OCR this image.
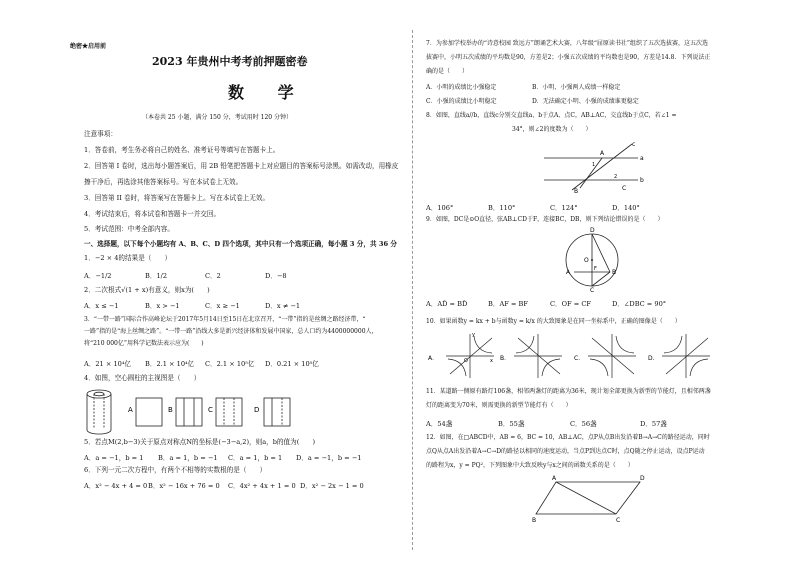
绝密★启用前
2023 年贵州中考考前押题密卷
数 学
（本卷共 25 小题，满分 150 分，考试用时 120 分钟）
注意事项：
1．答卷前，考生务必将自己的姓名、准考证号等填写在答题卡上。
2．回答第 I 卷时，选出每小题答案后，用 2B 铅笔把答题卡上对应题目的答案标号涂黑。如需改动，用橡皮
擦干净后，再选涂其他答案标号。写在本试卷上无效。
3．回答第 II 卷时，将答案写在答题卡上。写在本试卷上无效。
4．考试结束后，将本试卷和答题卡一并交回。
5．考试范围：中考全部内容。
一、选择题，以下每个小题均有 A、B、C、D 四个选项，其中只有一个选项正确，每小题 3 分，共 36 分
1．−2 × 4的结果是（　　）
A．−1/2	B．1/2	C．2	D．−8
2．二次根式√(1 + x)有意义，则x为(　　)
A．x ≤ −1	B．x > −1	C．x ≥ −1	D．x ≠ −1
3．“一带一路”国际合作高峰论坛于2017年5月14日至15日在北京召开，“一带”指的是丝绸之路经济带，“
一路”指的是“海上丝绸之路”。“一带一路”沿线大多是新兴经济体和发展中国家，总人口约为4400000000人，
将“210 000亿”用科学记数法表示应为(　　)
A．21 × 10⁴亿 B．2.1 × 10⁴亿 C．2.1 × 10⁵亿 D．0.21 × 10⁵亿
4．如图，空心圆柱的主视图是（　　）
A	B	C	D
5．若点M(2,b−3)关于原点对称点N的坐标是(−3−a,2)，则a，b的值为(　　)
A．a = −1，b = 1 B．a = 1，b = −1 C．a = 1，b = 1 D．a = −1，b = −1
6．下列一元二次方程中，有两个不相等的实数根的是（　　）
A．x² − 4x + 4 = 0 B．x² − 16x + 76 = 0 C．4x² + 4x + 1 = 0 D．x² − 2x − 1 = 0
7．为参加学校举办的“诗意校园 致远方”朗诵艺术大赛，八年级“屈原读书社”组织了五次选拔赛，这五次选
拔赛中，小明五次成绩的平均数是90，方差是2；小强五次成绩的平均数也是90，方差是14.8．下列说法正
确的是（　　）
A．小明的成绩比小强稳定	B．小明、小强两人成绩一样稳定
C．小强的成绩比小明稳定	D．无法确定小明、小强的成绩谁更稳定
8．如图，直线a//b，直线c分别交直线a、b于点A、点C，AB⊥AC，交直线b于点C，若∠1 =
34°，则∠2的度数为（　　）
a
b
c
A
B	C
1
2
A．106°	B．110°	C．124°	D．140°
9．如图，DC是⊙O直径，弦AB⊥CD于F，连接BC，DB，则下列结论错误的是（　　）
D
A
O
F	B
C
A．AD̂ = BD̂	B．AF = BF	C．OF = CF	D．∠DBC = 90°
10．如果函数y = kx + b与函数y = k/x 的大致图象是在同一坐标系中，正确的图像是（　　）
A．	B．	C．	D．
y
x
O
11．某道路一侧原有路灯106盏，相邻两盏灯的距离为36米，现计划全部更换为新型的节能灯，且相邻两盏
灯的距离变为70米，则需更换的新型节能灯有（　　）
A．54盏	B．55盏	C．56盏	D．57盏
12．如图，在□ABCD中，AB = 6，BC = 10，AB⊥AC，点P从点B出发沿着B→A→C的路径运动，同时
点Q从点A出发沿着A→C→D的路径以相同的速度运动，当点P到达点C时，点Q随之停止运动，设点P运动
的路程为x，y = PQ²，下列图象中大致反映y与x之间的函数关系的是（　　）
A	D
B	C
